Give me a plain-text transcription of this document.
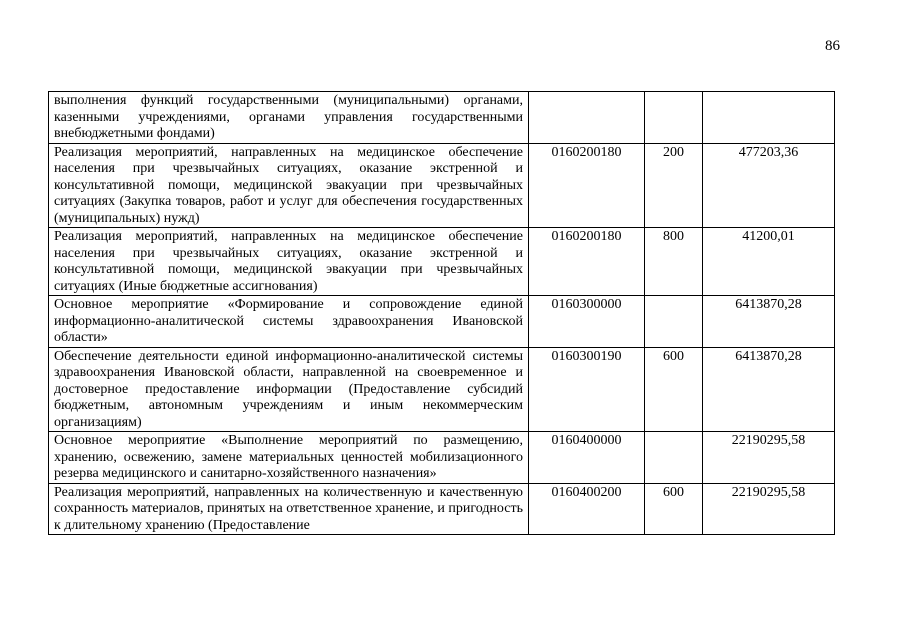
86
выполнения функций государственными (муниципальными) органами, казенными учреждениями, органами управления государственными внебюджетными фондами)			
Реализация мероприятий, направленных на медицинское обеспечение населения при чрезвычайных ситуациях, оказание экстренной и консультативной помощи, медицинской эвакуации при чрезвычайных ситуациях (Закупка товаров, работ и услуг для обеспечения государственных (муниципальных) нужд)	0160200180	200	477203,36
Реализация мероприятий, направленных на медицинское обеспечение населения при чрезвычайных ситуациях, оказание экстренной и консультативной помощи, медицинской эвакуации при чрезвычайных ситуациях (Иные бюджетные ассигнования)	0160200180	800	41200,01
Основное мероприятие «Формирование и сопровождение единой информационно-аналитической системы здравоохранения Ивановской области»	0160300000		6413870,28
Обеспечение деятельности единой информационно-аналитической системы здравоохранения Ивановской области, направленной на своевременное и достоверное предоставление информации (Предоставление субсидий бюджетным, автономным учреждениям и иным некоммерческим организациям)	0160300190	600	6413870,28
Основное мероприятие «Выполнение мероприятий по размещению, хранению, освежению, замене материальных ценностей мобилизационного резерва медицинского и санитарно-хозяйственного назначения»	0160400000		22190295,58
Реализация мероприятий, направленных на количественную и качественную сохранность материалов, принятых на ответственное хранение, и пригодность к длительному хранению (Предоставление	0160400200	600	22190295,58
